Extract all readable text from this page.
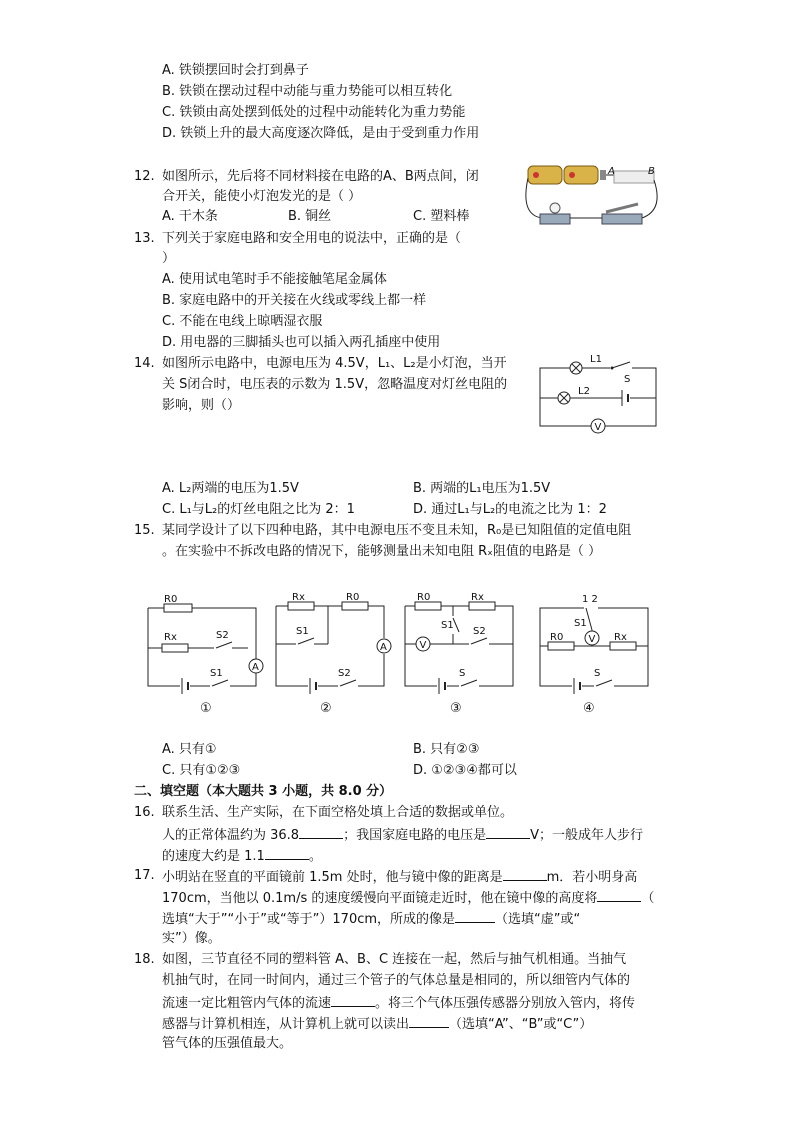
A. 铁锁摆回时会打到鼻子
B. 铁锁在摆动过程中动能与重力势能可以相互转化
C. 铁锁由高处摆到低处的过程中动能转化为重力势能
D. 铁锁上升的最大高度逐次降低，是由于受到重力作用
12. 如图所示，先后将不同材料接在电路的A、B两点间，闭
合开关，能使小灯泡发光的是（ ）
A. 干木条	B. 铜丝	C. 塑料棒
A	B
13. 下列关于家庭电路和安全用电的说法中，正确的是（
）
A. 使用试电笔时手不能接触笔尾金属体
B. 家庭电路中的开关接在火线或零线上都一样
C. 不能在电线上晾晒湿衣服
D. 用电器的三脚插头也可以插入两孔插座中使用
14. 如图所示电路中，电源电压为 4.5V，L₁、L₂是小灯泡，当开
关 S闭合时，电压表的示数为 1.5V，忽略温度对灯丝电阻的
影响，则（）
L1
S
L2
V
A. L₂两端的电压为1.5V	B. 两端的L₁电压为1.5V
C. L₁与L₂的灯丝电阻之比为 2：1	D. 通过L₁与L₂的电流之比为 1：2
15. 某同学设计了以下四种电路，其中电源电压不变且未知，R₀是已知阻值的定值电阻
。在实验中不拆改电路的情况下，能够测量出未知电阻 Rₓ阻值的电路是（ ）
R0
Rx	S2
A
S1
①
Rx	R0
S1
A
S2
②
R0	Rx
V
S1
S2
S
③
1 2
S1
R0	V Rx
S
④
A. 只有①	B. 只有②③
C. 只有①②③	D. ①②③④都可以
二、填空题（本大题共 3 小题，共 8.0 分）
16. 联系生活、生产实际，在下面空格处填上合适的数据或单位。
人的正常体温约为 36.8	；我国家庭电路的电压是	V；一般成年人步行
的速度大约是 1.1	。
17. 小明站在竖直的平面镜前 1.5m 处时，他与镜中像的距离是	m．若小明身高
170cm，当他以 0.1m/s 的速度缓慢向平面镜走近时，他在镜中像的高度将	（
选填“大于”“小于”或“等于”）170cm，所成的像是	（选填“虚”或“
实”）像。
18. 如图，三节直径不同的塑料管 A、B、C 连接在一起，然后与抽气机相通。当抽气
机抽气时，在同一时间内，通过三个管子的气体总量是相同的，所以细管内气体的
流速一定比粗管内气体的流速	。将三个气体压强传感器分别放入管内，将传
感器与计算机相连，从计算机上就可以读出	（选填“A”、“B”或“C”）
管气体的压强值最大。
